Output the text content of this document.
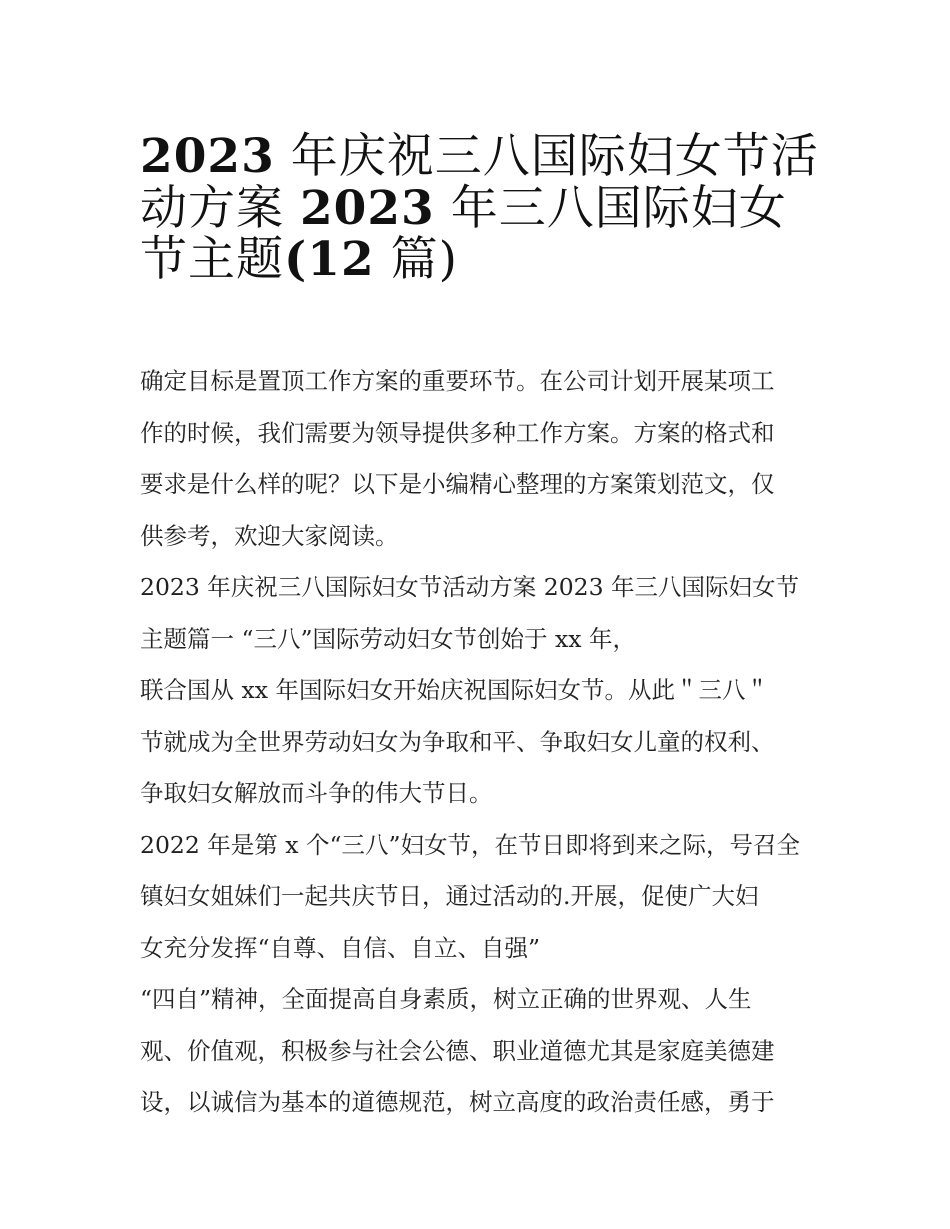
2023 年庆祝三八国际妇女节活
动方案 2023 年三八国际妇女
节主题(12 篇)
确定目标是置顶工作方案的重要环节。在公司计划开展某项工
作的时候，我们需要为领导提供多种工作方案。方案的格式和
要求是什么样的呢？以下是小编精心整理的方案策划范文，仅
供参考，欢迎大家阅读。
2023 年庆祝三八国际妇女节活动方案 2023 年三八国际妇女节
主题篇一 “三八”国际劳动妇女节创始于 xx 年，
联合国从 xx 年国际妇女开始庆祝国际妇女节。从此＂三八＂
节就成为全世界劳动妇女为争取和平、争取妇女儿童的权利、
争取妇女解放而斗争的伟大节日。
2022 年是第 x 个“三八”妇女节，在节日即将到来之际，号召全
镇妇女姐妹们一起共庆节日，通过活动的.开展，促使广大妇
女充分发挥“自尊、自信、自立、自强”
“四自”精神，全面提高自身素质，树立正确的世界观、人生
观、价值观，积极参与社会公德、职业道德尤其是家庭美德建
设，以诚信为基本的道德规范，树立高度的政治责任感，勇于
